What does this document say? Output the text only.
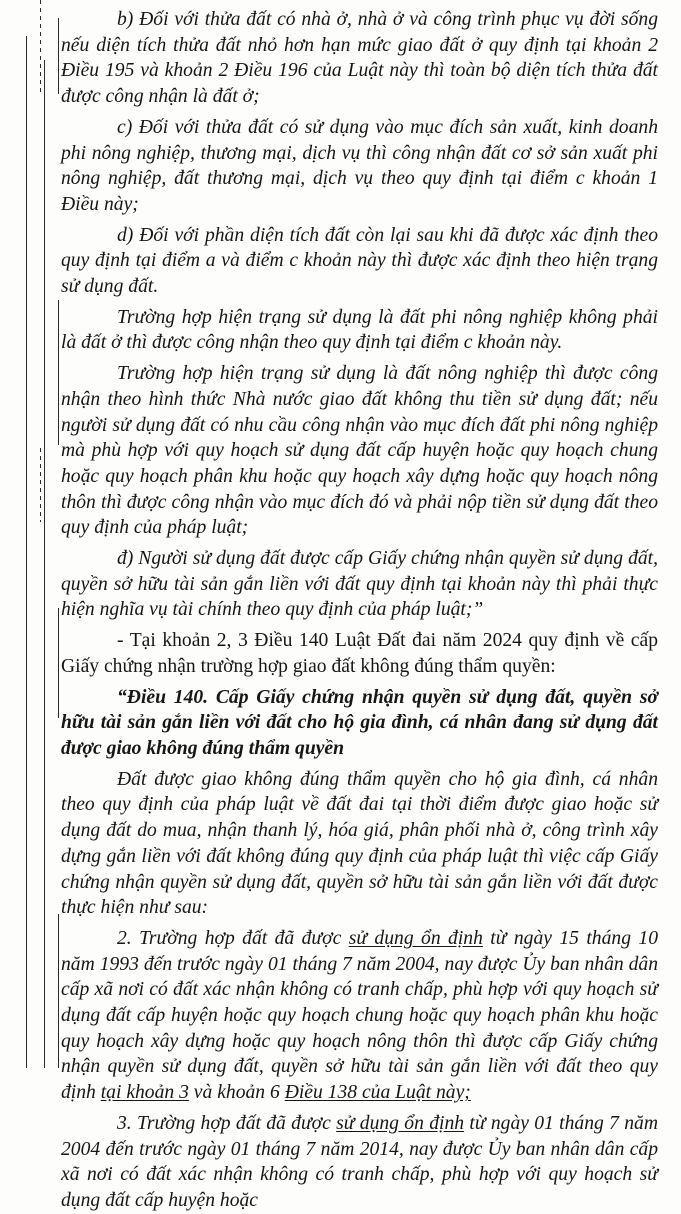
b) Đối với thửa đất có nhà ở, nhà ở và công trình phục vụ đời sống nếu diện tích thửa đất nhỏ hơn hạn mức giao đất ở quy định tại khoản 2 Điều 195 và khoản 2 Điều 196 của Luật này thì toàn bộ diện tích thửa đất được công nhận là đất ở;

c) Đối với thửa đất có sử dụng vào mục đích sản xuất, kinh doanh phi nông nghiệp, thương mại, dịch vụ thì công nhận đất cơ sở sản xuất phi nông nghiệp, đất thương mại, dịch vụ theo quy định tại điểm c khoản 1 Điều này;

d) Đối với phần diện tích đất còn lại sau khi đã được xác định theo quy định tại điểm a và điểm c khoản này thì được xác định theo hiện trạng sử dụng đất.

Trường hợp hiện trạng sử dụng là đất phi nông nghiệp không phải là đất ở thì được công nhận theo quy định tại điểm c khoản này.

Trường hợp hiện trạng sử dụng là đất nông nghiệp thì được công nhận theo hình thức Nhà nước giao đất không thu tiền sử dụng đất; nếu người sử dụng đất có nhu cầu công nhận vào mục đích đất phi nông nghiệp mà phù hợp với quy hoạch sử dụng đất cấp huyện hoặc quy hoạch chung hoặc quy hoạch phân khu hoặc quy hoạch xây dựng hoặc quy hoạch nông thôn thì được công nhận vào mục đích đó và phải nộp tiền sử dụng đất theo quy định của pháp luật;

đ) Người sử dụng đất được cấp Giấy chứng nhận quyền sử dụng đất, quyền sở hữu tài sản gắn liền với đất quy định tại khoản này thì phải thực hiện nghĩa vụ tài chính theo quy định của pháp luật;”

- Tại khoản 2, 3 Điều 140 Luật Đất đai năm 2024 quy định về cấp Giấy chứng nhận trường hợp giao đất không đúng thẩm quyền:

“Điều 140. Cấp Giấy chứng nhận quyền sử dụng đất, quyền sở hữu tài sản gắn liền với đất cho hộ gia đình, cá nhân đang sử dụng đất được giao không đúng thẩm quyền

Đất được giao không đúng thẩm quyền cho hộ gia đình, cá nhân theo quy định của pháp luật về đất đai tại thời điểm được giao hoặc sử dụng đất do mua, nhận thanh lý, hóa giá, phân phối nhà ở, công trình xây dựng gắn liền với đất không đúng quy định của pháp luật thì việc cấp Giấy chứng nhận quyền sử dụng đất, quyền sở hữu tài sản gắn liền với đất được thực hiện như sau:

2. Trường hợp đất đã được sử dụng ổn định từ ngày 15 tháng 10 năm 1993 đến trước ngày 01 tháng 7 năm 2004, nay được Ủy ban nhân dân cấp xã nơi có đất xác nhận không có tranh chấp, phù hợp với quy hoạch sử dụng đất cấp huyện hoặc quy hoạch chung hoặc quy hoạch phân khu hoặc quy hoạch xây dựng hoặc quy hoạch nông thôn thì được cấp Giấy chứng nhận quyền sử dụng đất, quyền sở hữu tài sản gắn liền với đất theo quy định tại khoản 3 và khoản 6 Điều 138 của Luật này;

3. Trường hợp đất đã được sử dụng ổn định từ ngày 01 tháng 7 năm 2004 đến trước ngày 01 tháng 7 năm 2014, nay được Ủy ban nhân dân cấp xã nơi có đất xác nhận không có tranh chấp, phù hợp với quy hoạch sử dụng đất cấp huyện hoặc
